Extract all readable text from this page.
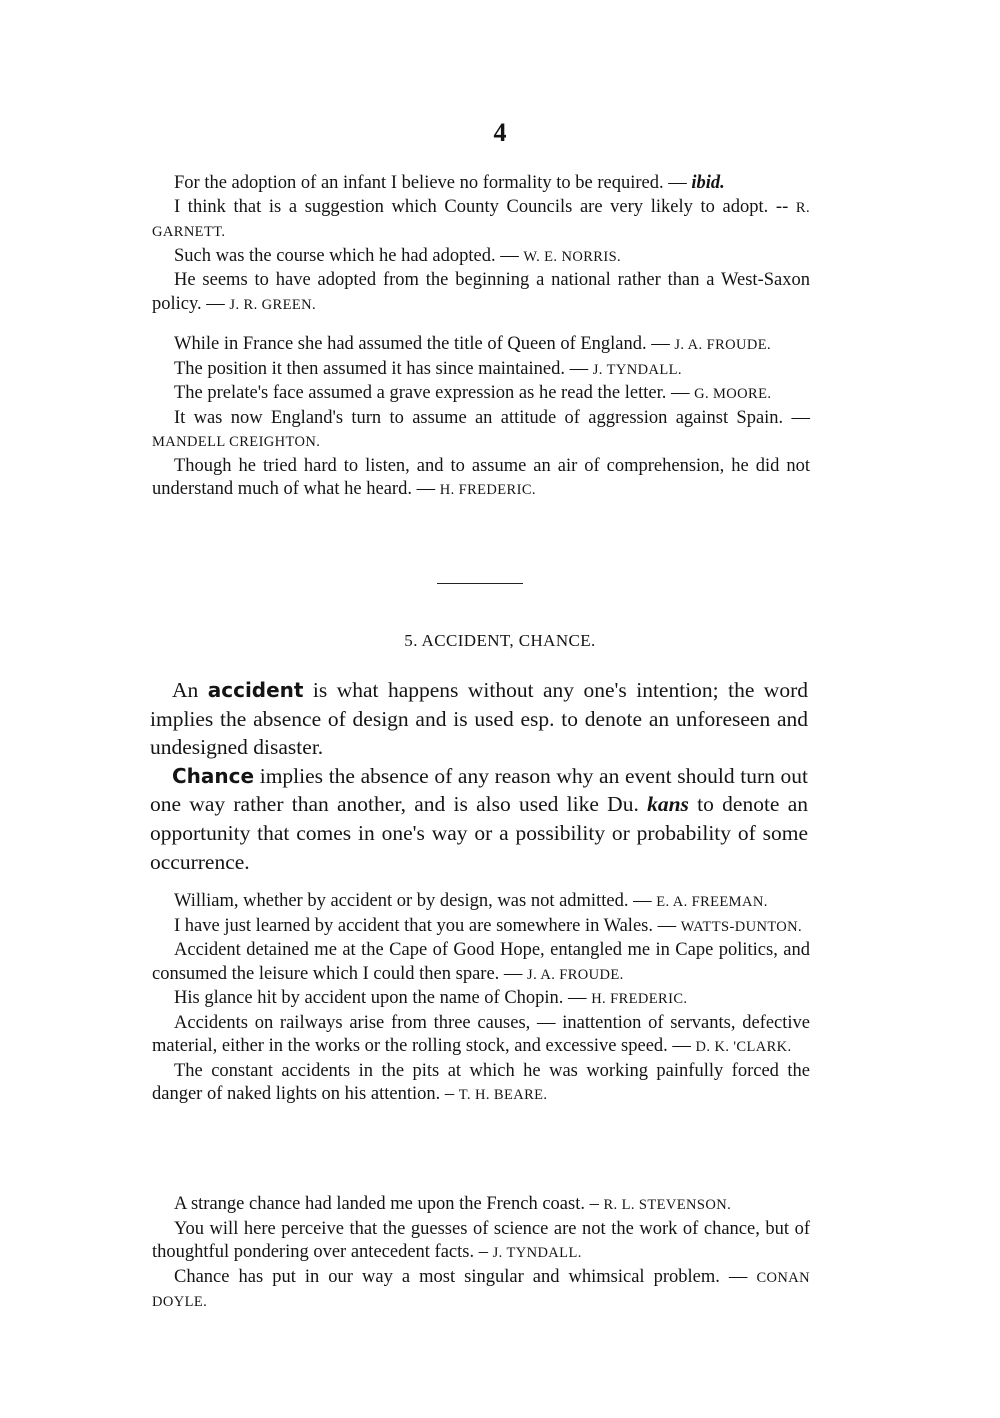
4

For the adoption of an infant I believe no formality to be required. — ibid.

I think that is a suggestion which County Councils are very likely to adopt. -- R. GARNETT.

Such was the course which he had adopted. — W. E. NORRIS.

He seems to have adopted from the beginning a national rather than a West-Saxon policy. — J. R. GREEN.

While in France she had assumed the title of Queen of England. — J. A. FROUDE.

The position it then assumed it has since maintained. — J. TYNDALL.

The prelate's face assumed a grave expression as he read the letter. — G. MOORE.

It was now England's turn to assume an attitude of aggression against Spain. — MANDELL CREIGHTON.

Though he tried hard to listen, and to assume an air of comprehension, he did not understand much of what he heard. — H. FREDERIC.

5. ACCIDENT, CHANCE.

An accident is what happens without any one's intention; the word implies the absence of design and is used esp. to denote an unforeseen and undesigned disaster.

Chance implies the absence of any reason why an event should turn out one way rather than another, and is also used like Du. kans to denote an opportunity that comes in one's way or a possibility or probability of some occurrence.

William, whether by accident or by design, was not admitted. — E. A. FREEMAN.

I have just learned by accident that you are somewhere in Wales. — WATTS-DUNTON.

Accident detained me at the Cape of Good Hope, entangled me in Cape politics, and consumed the leisure which I could then spare. — J. A. FROUDE.

His glance hit by accident upon the name of Chopin. — H. FREDERIC.

Accidents on railways arise from three causes, — inattention of servants, defective material, either in the works or the rolling stock, and excessive speed. — D. K. 'CLARK.

The constant accidents in the pits at which he was working painfully forced the danger of naked lights on his attention. – T. H. BEARE.

A strange chance had landed me upon the French coast. – R. L. STEVENSON.

You will here perceive that the guesses of science are not the work of chance, but of thoughtful pondering over antecedent facts. – J. TYNDALL.

Chance has put in our way a most singular and whimsical problem. — CONAN DOYLE.
